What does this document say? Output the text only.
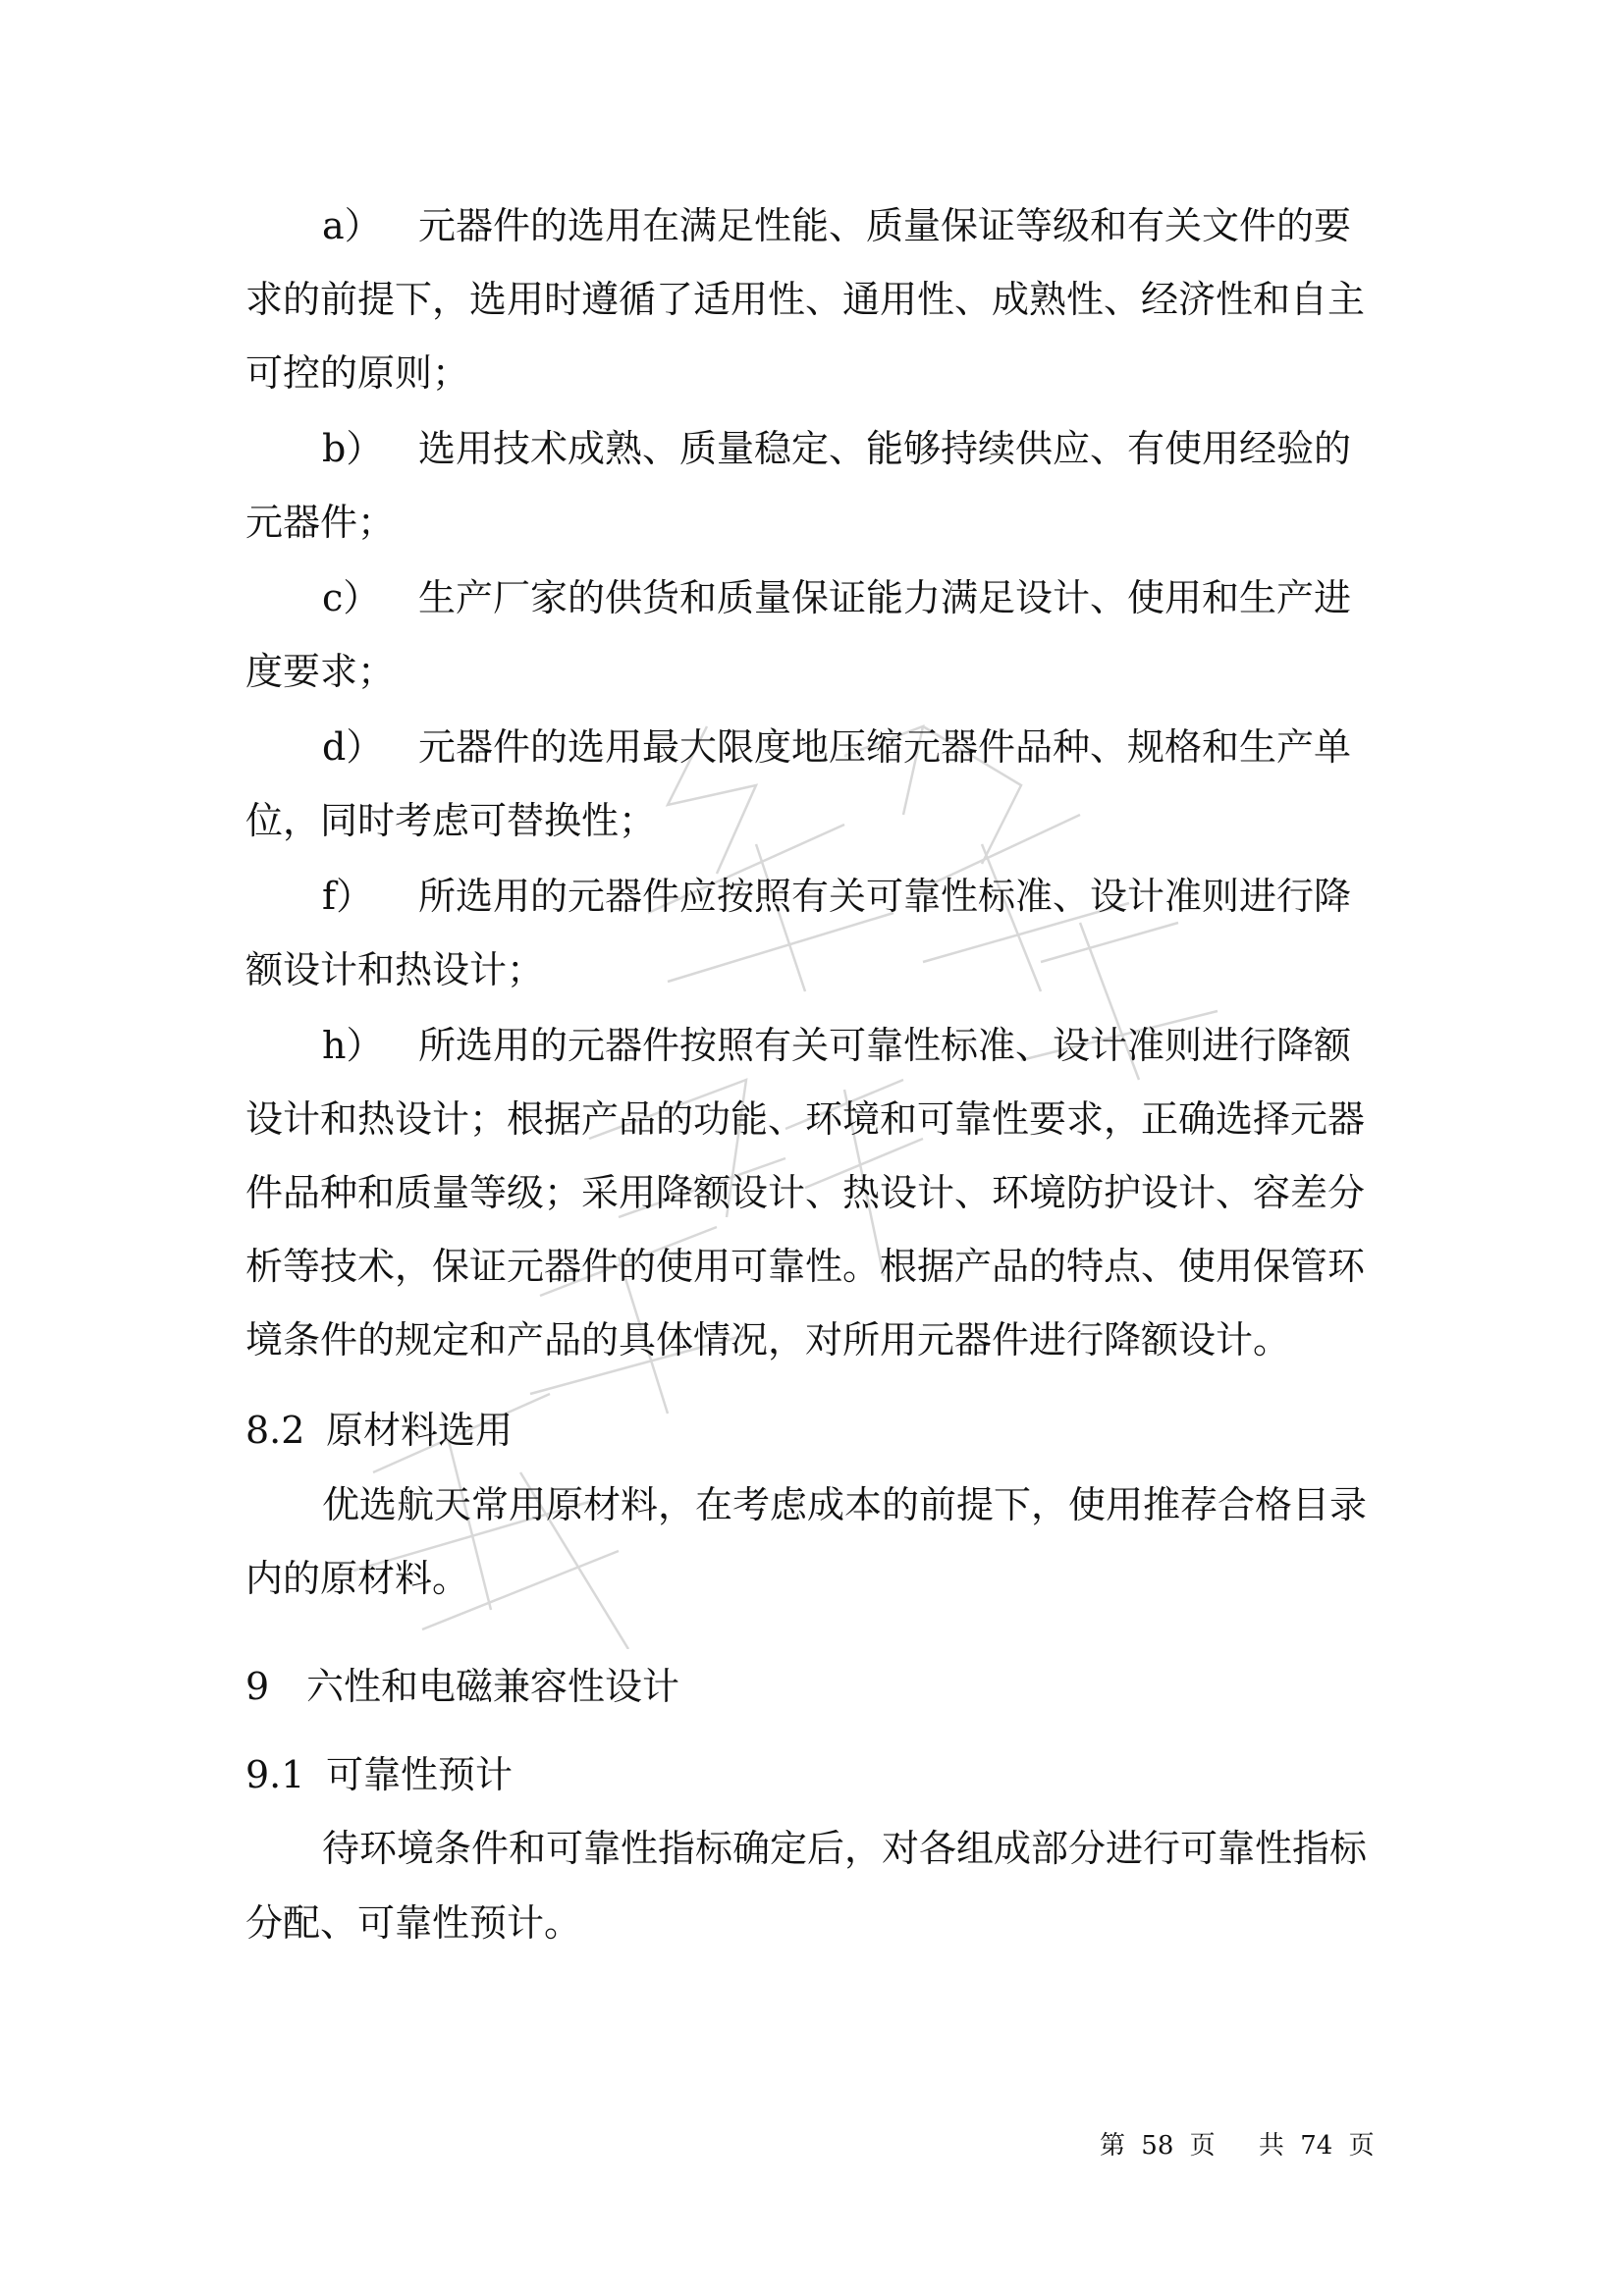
a） 元器件的选用在满足性能、质量保证等级和有关文件的要
求的前提下，选用时遵循了适用性、通用性、成熟性、经济性和自主
可控的原则；
b） 选用技术成熟、质量稳定、能够持续供应、有使用经验的
元器件；
c） 生产厂家的供货和质量保证能力满足设计、使用和生产进
度要求；
d） 元器件的选用最大限度地压缩元器件品种、规格和生产单
位，同时考虑可替换性；
f） 所选用的元器件应按照有关可靠性标准、设计准则进行降
额设计和热设计；
h） 所选用的元器件按照有关可靠性标准、设计准则进行降额
设计和热设计；根据产品的功能、环境和可靠性要求，正确选择元器
件品种和质量等级；采用降额设计、热设计、环境防护设计、容差分
析等技术，保证元器件的使用可靠性。根据产品的特点、使用保管环
境条件的规定和产品的具体情况，对所用元器件进行降额设计。
8.2 原材料选用
优选航天常用原材料，在考虑成本的前提下，使用推荐合格目录
内的原材料。
9 六性和电磁兼容性设计
9.1 可靠性预计
待环境条件和可靠性指标确定后，对各组成部分进行可靠性指标
分配、可靠性预计。
第 58 页 共 74 页
